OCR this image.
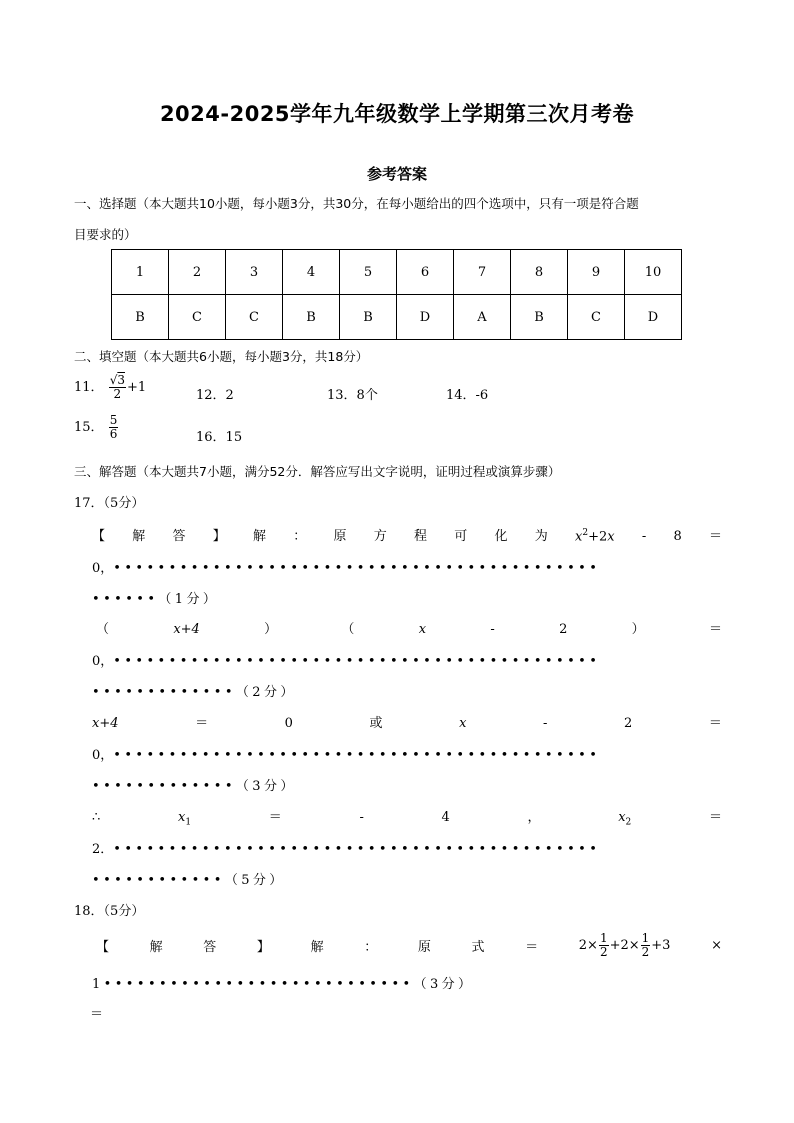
2024-2025学年九年级数学上学期第三次月考卷
参考答案
一、选择题（本大题共10小题，每小题3分，共30分，在每小题给出的四个选项中，只有一项是符合题
目要求的）
1	2	3	4	5	6	7	8	9	10
B	C	C	B	B	D	A	B	C	D
二、填空题（本大题共6小题，每小题3分，共18分）
11． $\frac{√3}{2} +1$
12．2	13．8个	14．-6
15． $\frac{5}{6}$	16．15
三、解答题（本大题共7小题，满分52分．解答应写出文字说明，证明过程或演算步骤）
17．（5分）
【 解 答 】 解 ： 原 方 程 可 化 为 $x^2+2x - 8$ ＝
0，••••••••••••••••••••••••••••••••••••••••••••
••••••（1分）
（	x+4	）	（	x	-	2	）	＝
0，••••••••••••••••••••••••••••••••••••••••••••
•••••••••••••（2分）
x+4	＝	0	或	x	-	2	＝
0，••••••••••••••••••••••••••••••••••••••••••••
•••••••••••••（3分）
∴	$x_1$	＝	-	4	，	$x_2$	＝
2．••••••••••••••••••••••••••••••••••••••••••••
••••••••••••（5分）
18．（5分）
【	解	答	】	解	：	原	式	＝	$2\times \frac{1}{2} +2\times \frac{1}{2} +3$	×
1••••••••••••••••••••••••••••（3分）
＝
